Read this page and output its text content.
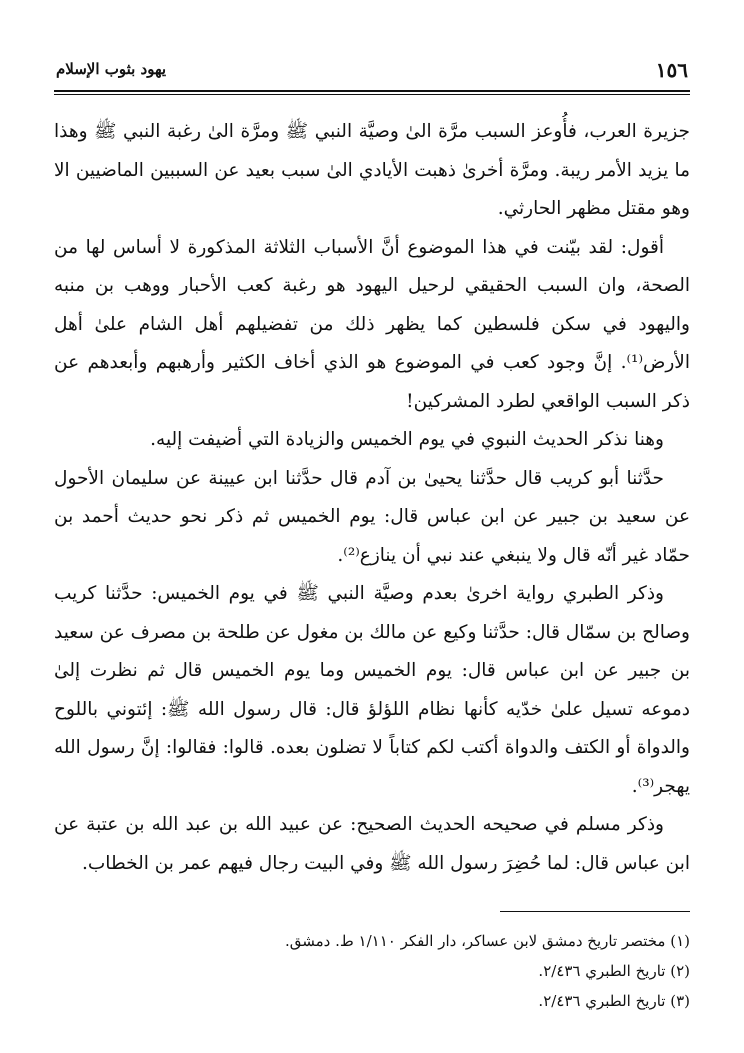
١٥٦
يهود بثوب الإسلام

جزيرة العرب، فأُوعز السبب مرَّة الىٰ وصيَّة النبي ﷺ ومرَّة الىٰ رغبة النبي ﷺ وهذا ما يزيد الأمر ريبة. ومرَّة أخرىٰ ذهبت الأيادي الىٰ سبب بعيد عن السببين الماضيين الا وهو مقتل مظهر الحارثي.

أقول: لقد بيّنت في هذا الموضوع أنَّ الأسباب الثلاثة المذكورة لا أساس لها من الصحة، وان السبب الحقيقي لرحيل اليهود هو رغبة كعب الأحبار ووهب بن منبه واليهود في سكن فلسطين كما يظهر ذلك من تفضيلهم أهل الشام علىٰ أهل الأرض⁽¹⁾. إنَّ وجود كعب في الموضوع هو الذي أخاف الكثير وأرهبهم وأبعدهم عن ذكر السبب الواقعي لطرد المشركين!

وهنا نذكر الحديث النبوي في يوم الخميس والزيادة التي أضيفت إليه.

حدَّثنا أبو كريب قال حدَّثنا يحيىٰ بن آدم قال حدَّثنا ابن عيينة عن سليمان الأحول عن سعيد بن جبير عن ابن عباس قال: يوم الخميس ثم ذكر نحو حديث أحمد بن حمّاد غير أنّه قال ولا ينبغي عند نبي أن ينازع⁽²⁾.

وذكر الطبري رواية اخرىٰ بعدم وصيَّة النبي ﷺ في يوم الخميس: حدَّثنا كريب وصالح بن سمّال قال: حدَّثنا وكيع عن مالك بن مغول عن طلحة بن مصرف عن سعيد بن جبير عن ابن عباس قال: يوم الخميس وما يوم الخميس قال ثم نظرت إلىٰ دموعه تسيل علىٰ خدّيه كأنها نظام اللؤلؤ قال: قال رسول الله ﷺ: إئتوني باللوح والدواة أو الكتف والدواة أكتب لكم كتاباً لا تضلون بعده. قالوا: فقالوا: إنَّ رسول الله يهجر⁽³⁾.

وذكر مسلم في صحيحه الحديث الصحيح: عن عبيد الله بن عبد الله بن عتبة عن ابن عباس قال: لما حُضِرَ رسول الله ﷺ وفي البيت رجال فيهم عمر بن الخطاب.

(١) مختصر تاريخ دمشق لابن عساكر، دار الفكر ١/١١٠ ط. دمشق.

(٢) تاريخ الطبري ٢/٤٣٦.

(٣) تاريخ الطبري ٢/٤٣٦.
